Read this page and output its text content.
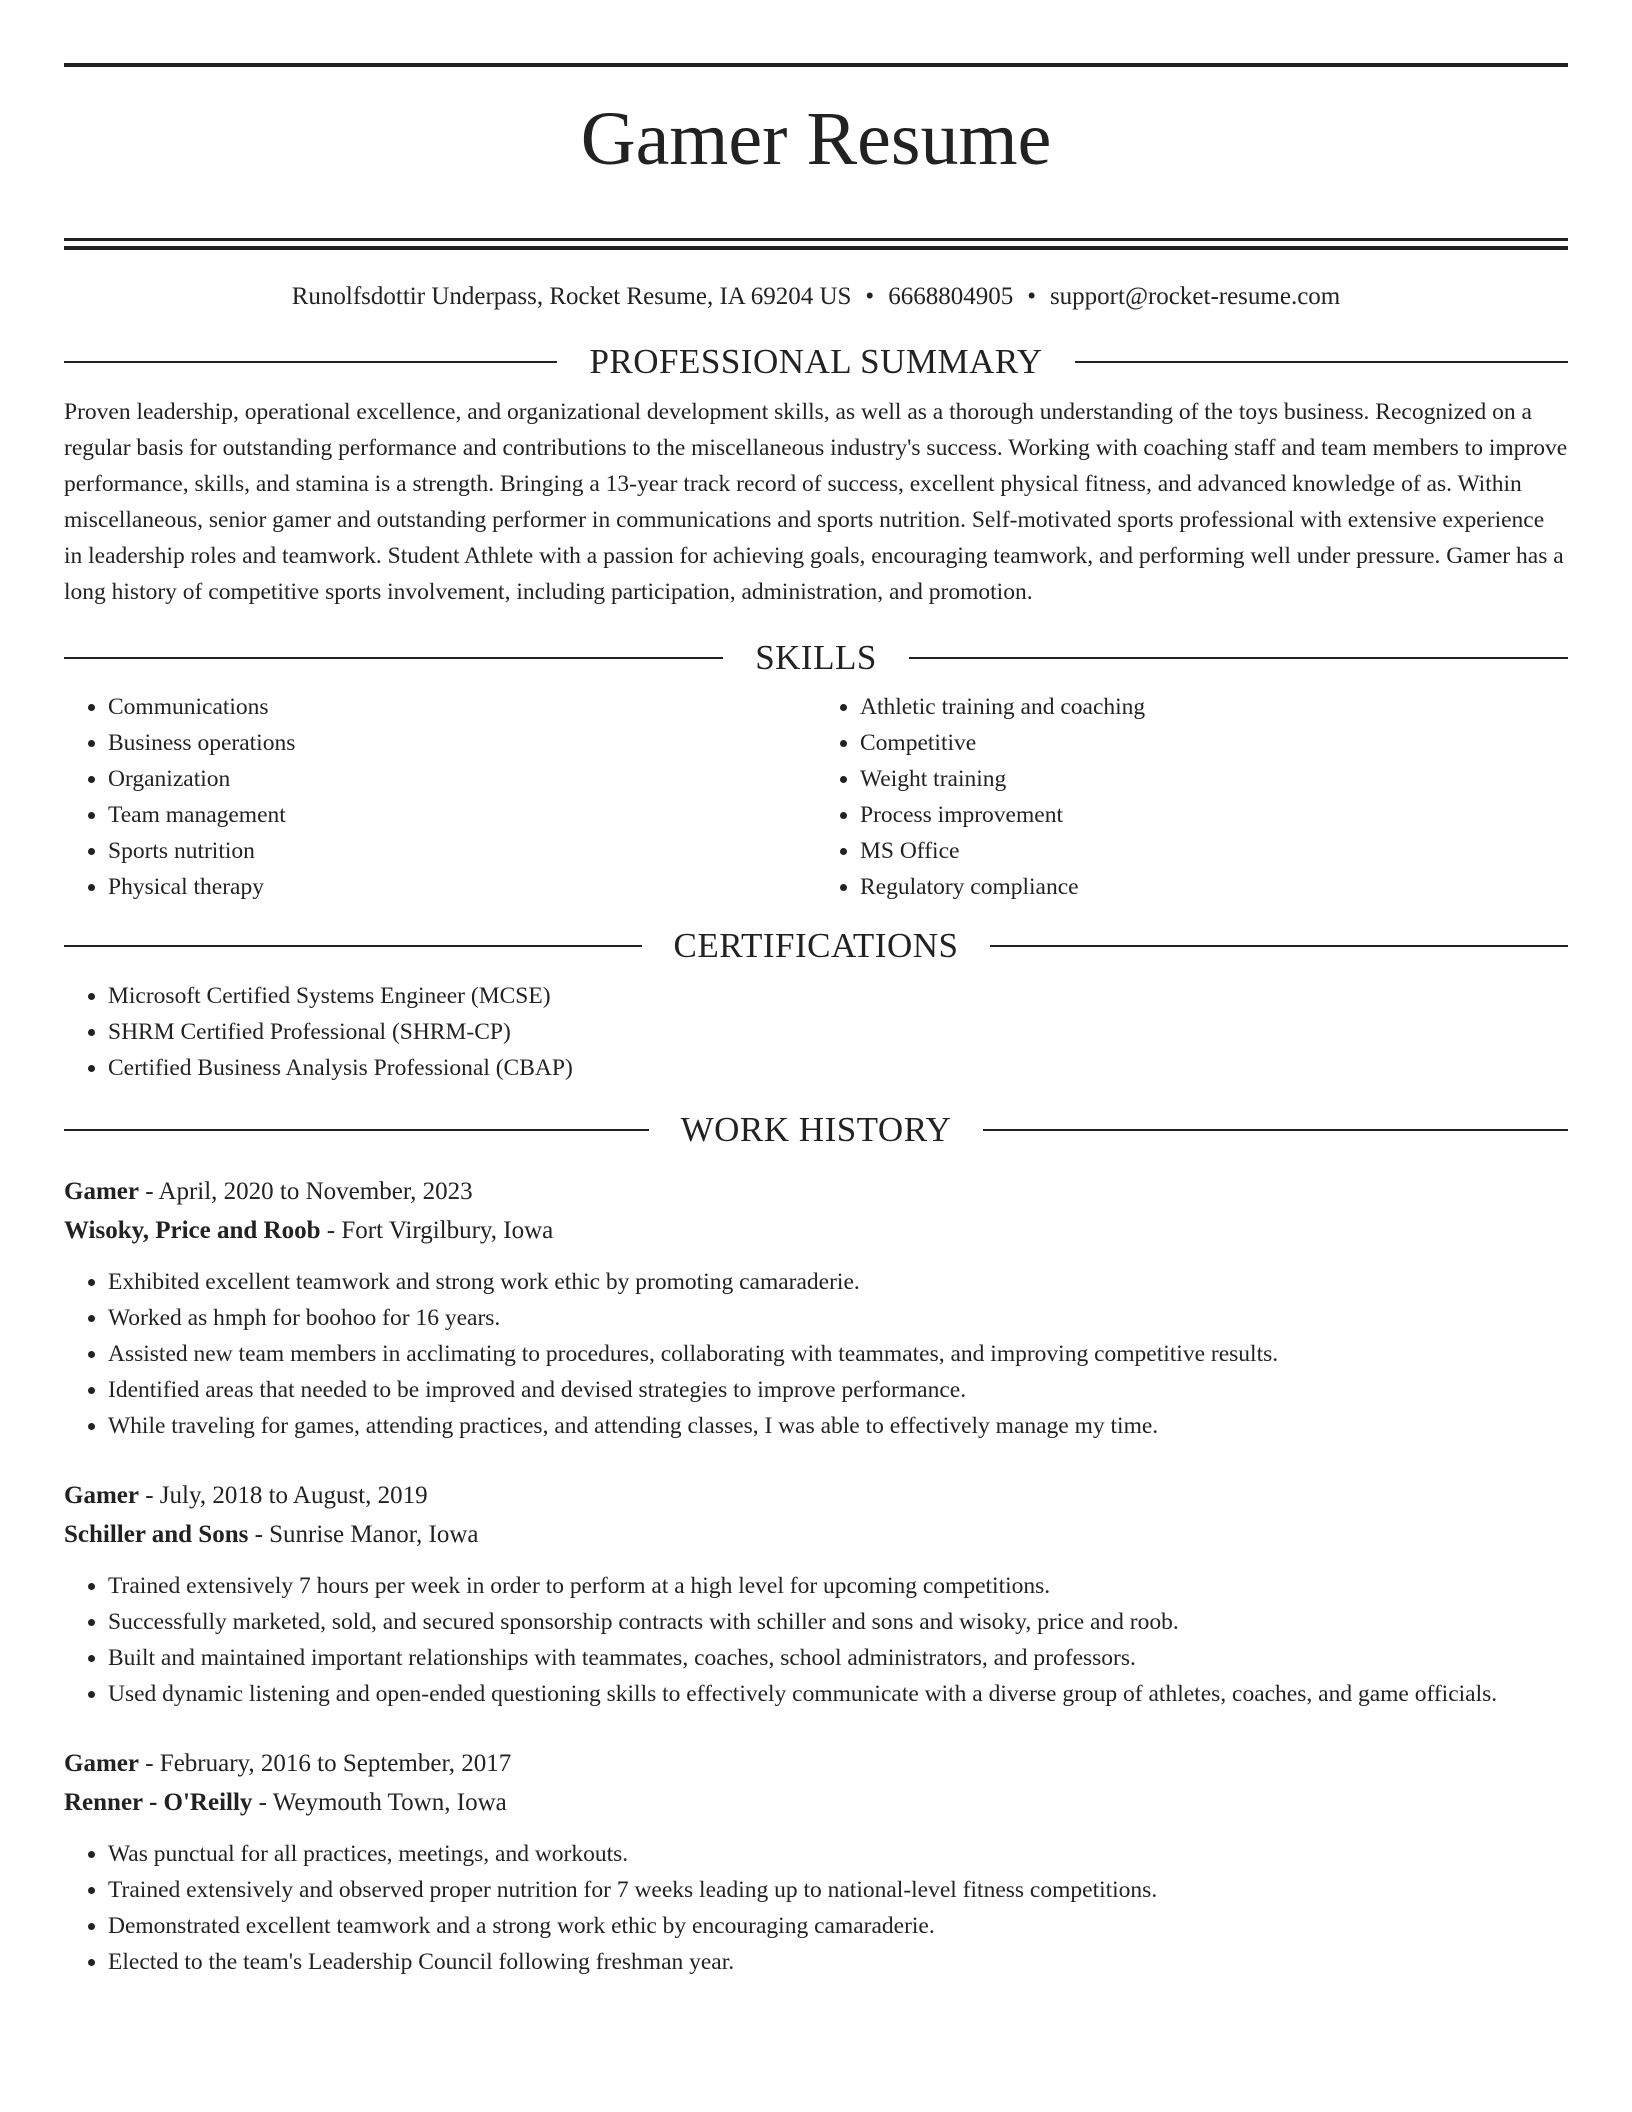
Gamer Resume
Runolfsdottir Underpass, Rocket Resume, IA 69204 US • 6668804905 • support@rocket-resume.com
PROFESSIONAL SUMMARY

Proven leadership, operational excellence, and organizational development skills, as well as a thorough understanding of the toys business. Recognized on a regular basis for outstanding performance and contributions to the miscellaneous industry's success. Working with coaching staff and team members to improve performance, skills, and stamina is a strength. Bringing a 13-year track record of success, excellent physical fitness, and advanced knowledge of as. Within miscellaneous, senior gamer and outstanding performer in communications and sports nutrition. Self-motivated sports professional with extensive experience in leadership roles and teamwork. Student Athlete with a passion for achieving goals, encouraging teamwork, and performing well under pressure. Gamer has a long history of competitive sports involvement, including participation, administration, and promotion.

SKILLS
• Communications
• Business operations
• Organization
• Team management
• Sports nutrition
• Physical therapy
• Athletic training and coaching
• Competitive
• Weight training
• Process improvement
• MS Office
• Regulatory compliance
CERTIFICATIONS
• Microsoft Certified Systems Engineer (MCSE)
• SHRM Certified Professional (SHRM-CP)
• Certified Business Analysis Professional (CBAP)
WORK HISTORY
Gamer - April, 2020 to November, 2023
Wisoky, Price and Roob - Fort Virgilbury, Iowa
• Exhibited excellent teamwork and strong work ethic by promoting camaraderie.
• Worked as hmph for boohoo for 16 years.
• Assisted new team members in acclimating to procedures, collaborating with teammates, and improving competitive results.
• Identified areas that needed to be improved and devised strategies to improve performance.
• While traveling for games, attending practices, and attending classes, I was able to effectively manage my time.
Gamer - July, 2018 to August, 2019
Schiller and Sons - Sunrise Manor, Iowa
• Trained extensively 7 hours per week in order to perform at a high level for upcoming competitions.
• Successfully marketed, sold, and secured sponsorship contracts with schiller and sons and wisoky, price and roob.
• Built and maintained important relationships with teammates, coaches, school administrators, and professors.
• Used dynamic listening and open-ended questioning skills to effectively communicate with a diverse group of athletes, coaches, and game officials.
Gamer - February, 2016 to September, 2017
Renner - O'Reilly - Weymouth Town, Iowa
• Was punctual for all practices, meetings, and workouts.
• Trained extensively and observed proper nutrition for 7 weeks leading up to national-level fitness competitions.
• Demonstrated excellent teamwork and a strong work ethic by encouraging camaraderie.
• Elected to the team's Leadership Council following freshman year.
